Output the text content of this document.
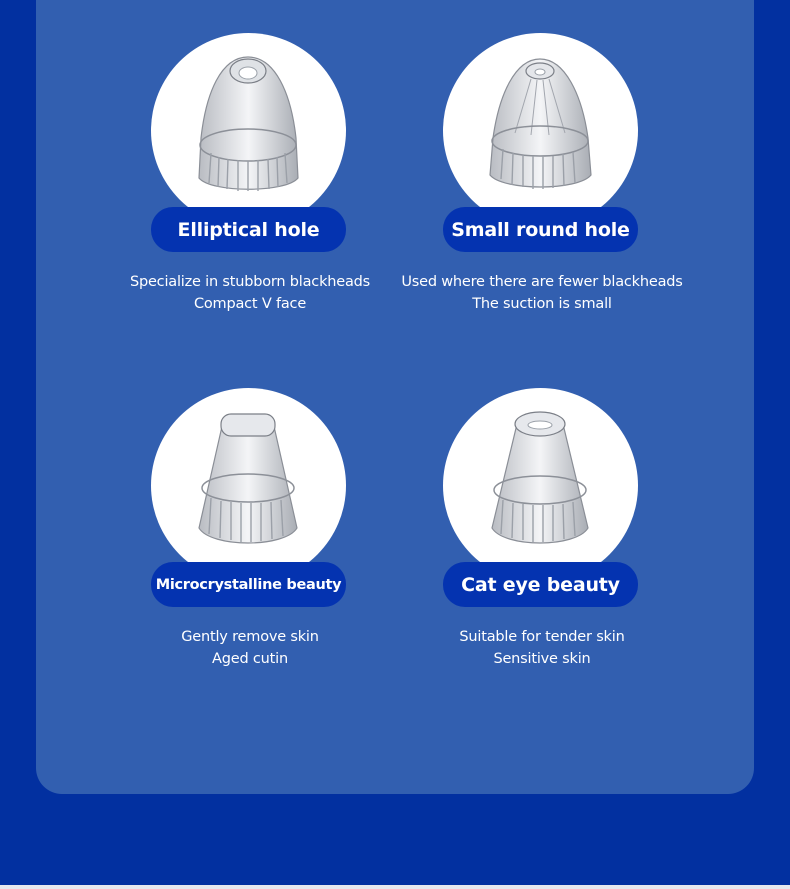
Elliptical hole
Specialize in stubborn blackheads
Compact V face
Small round hole
Used where there are fewer blackheads
The suction is small
Microcrystalline beauty
Gently remove skin
Aged cutin
Cat eye beauty
Suitable for tender skin
Sensitive skin
